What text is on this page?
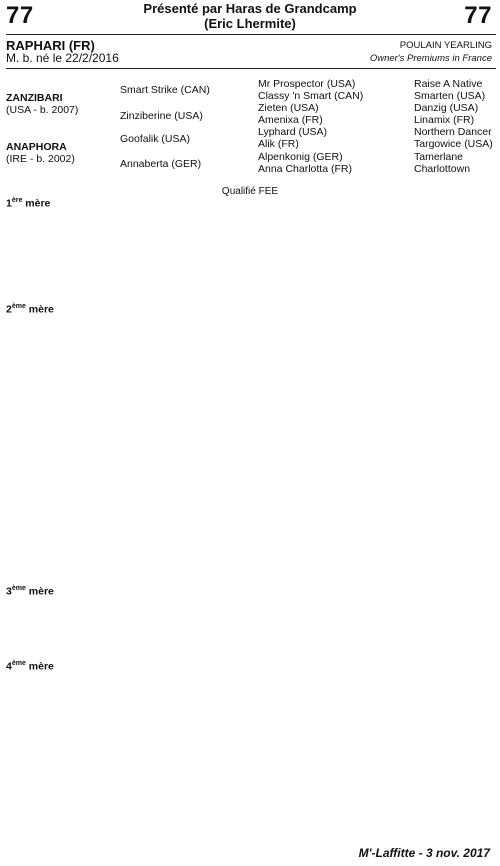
77	Présenté par Haras de Grandcamp
(Eric Lhermite)	77
RAPHARI (FR)
M. b. né le 22/2/2016
POULAIN YEARLING
Owner's Premiums in France
ZANZIBARI
(USA - b. 2007)
ANAPHORA
(IRE - b. 2002)
Smart Strike (CAN)
Zinziberine (USA)
Goofalik (USA)
Annaberta (GER)
Mr Prospector (USA)
Classy 'n Smart (CAN)
Zieten (USA)
Amenixa (FR)
Lyphard (USA)
Alik (FR)
Alpenkonig (GER)
Anna Charlotta (FR)
Raise A Native
Smarten (USA)
Danzig (USA)
Linamix (FR)
Northern Dancer
Targowice (USA)
Tamerlane
Charlottown
Qualifié FEE
1ère mère
2ème mère
3ème mère
4ème mère
M'-Laffitte - 3 nov. 2017
